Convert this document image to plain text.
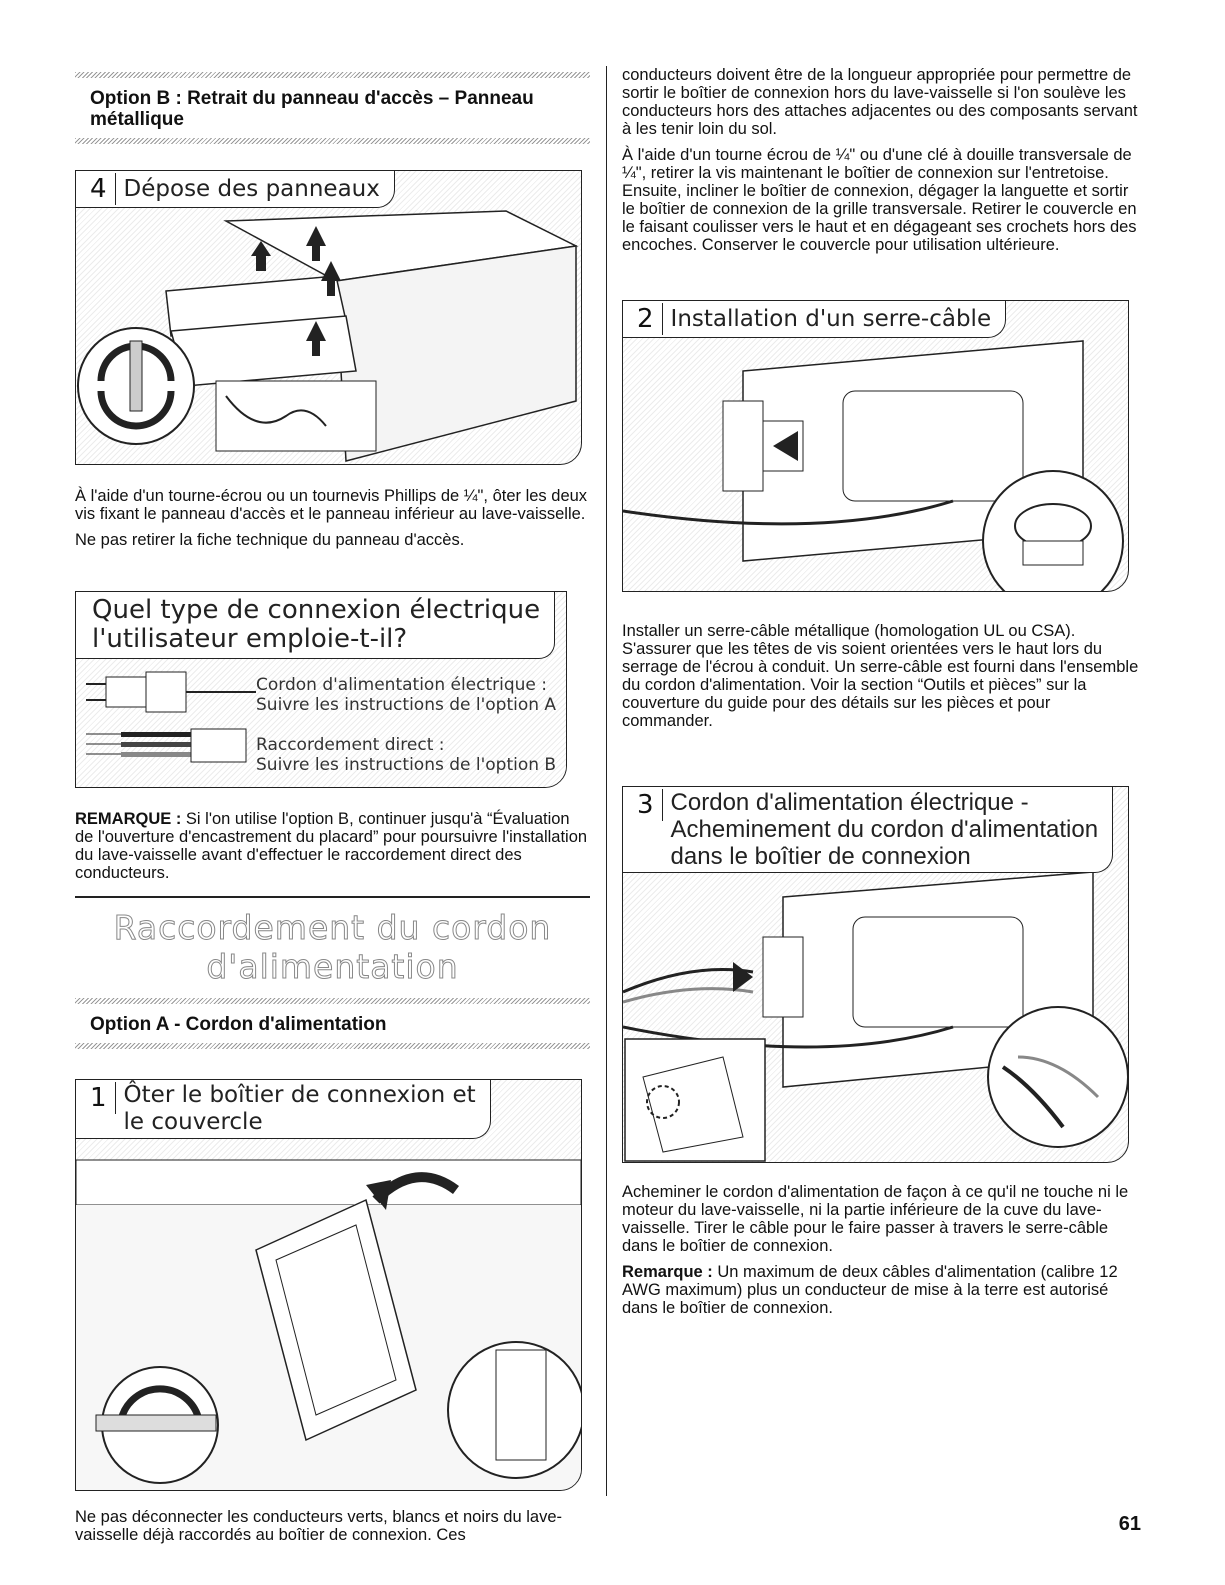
Option B : Retrait du panneau d'accès – Panneau métallique
4 Dépose des panneaux

À l'aide d'un tourne-écrou ou un tournevis Phillips de ¼", ôter les deux vis fixant le panneau d'accès et le panneau inférieur au lave-vaisselle.

Ne pas retirer la fiche technique du panneau d'accès.

Quel type de connexion électrique
l'utilisateur emploie-t-il?
Cordon d'alimentation électrique :
Suivre les instructions de l'option A
Raccordement direct :
Suivre les instructions de l'option B

REMARQUE : Si l'on utilise l'option B, continuer jusqu'à “Évaluation de l'ouverture d'encastrement du placard” pour poursuivre l'installation du lave-vaisselle avant d'effectuer le raccordement direct des conducteurs.

Raccordement du cordon d'alimentation
Option A - Cordon d'alimentation
1 Ôter le boîtier de connexion et
le couvercle

Ne pas déconnecter les conducteurs verts, blancs et noirs du lave-vaisselle déjà raccordés au boîtier de connexion. Ces

conducteurs doivent être de la longueur appropriée pour permettre de sortir le boîtier de connexion hors du lave-vaisselle si l'on soulève les conducteurs hors des attaches adjacentes ou des composants servant à les tenir loin du sol.

À l'aide d'un tourne écrou de ¼" ou d'une clé à douille transversale de ¼", retirer la vis maintenant le boîtier de connexion sur l'entretoise. Ensuite, incliner le boîtier de connexion, dégager la languette et sortir le boîtier de connexion de la grille transversale. Retirer le couvercle en le faisant coulisser vers le haut et en dégageant ses crochets hors des encoches. Conserver le couvercle pour utilisation ultérieure.

2 Installation d'un serre-câble

Installer un serre-câble métallique (homologation UL ou CSA). S'assurer que les têtes de vis soient orientées vers le haut lors du serrage de l'écrou à conduit. Un serre-câble est fourni dans l'ensemble du cordon d'alimentation. Voir la section “Outils et pièces” sur la couverture du guide pour des détails sur les pièces et pour commander.

3 Cordon d'alimentation électrique -
Acheminement du cordon d'alimentation
dans le boîtier de connexion

Acheminer le cordon d'alimentation de façon à ce qu'il ne touche ni le moteur du lave-vaisselle, ni la partie inférieure de la cuve du lave-vaisselle. Tirer le câble pour le faire passer à travers le serre-câble dans le boîtier de connexion.

Remarque : Un maximum de deux câbles d'alimentation (calibre 12 AWG maximum) plus un conducteur de mise à la terre est autorisé dans le boîtier de connexion.

61
